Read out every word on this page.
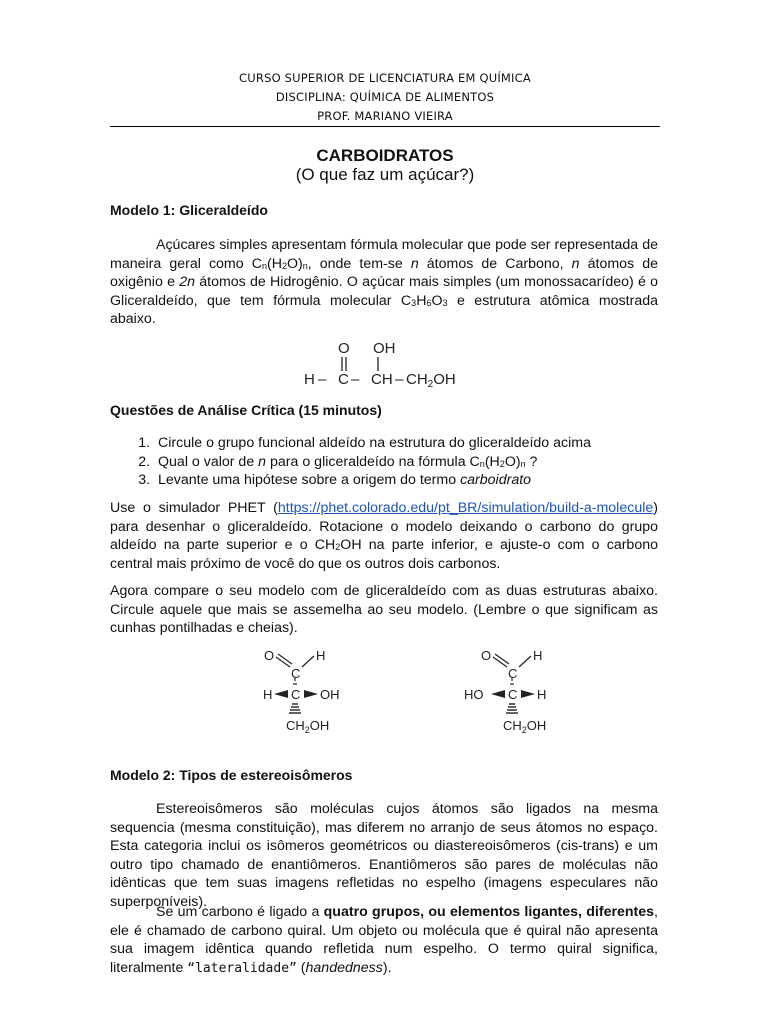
CURSO SUPERIOR DE LICENCIATURA EM QUÍMICA
DISCIPLINA: QUÍMICA DE ALIMENTOS
PROF. MARIANO VIEIRA
CARBOIDRATOS
(O que faz um açúcar?)
Modelo 1: Gliceraldeído
Açúcares simples apresentam fórmula molecular que pode ser representada de maneira geral como $C_n(H_2O)_n$, onde tem-se n átomos de Carbono, n átomos de oxigênio e 2n átomos de Hidrogênio. O açúcar mais simples (um monossacarídeo) é o Gliceraldeído, que tem fórmula molecular $C_3H_6O_3$ e estrutura atômica mostrada abaixo.
O OH
H – C – CH – $CH_2OH$
Questões de Análise Crítica (15 minutos)
1. Circule o grupo funcional aldeído na estrutura do gliceraldeído acima
2. Qual o valor de n para o gliceraldeído na fórmula $C_n(H_2O)_n$ ?
3. Levante uma hipótese sobre a origem do termo carboidrato
Use o simulador PHET (https://phet.colorado.edu/pt_BR/simulation/build-a-molecule) para desenhar o gliceraldeído. Rotacione o modelo deixando o carbono do grupo aldeído na parte superior e o $CH_2OH$ na parte inferior, e ajuste-o com o carbono central mais próximo de você do que os outros dois carbonos.
Agora compare o seu modelo com de gliceraldeído com as duas estruturas abaixo. Circule aquele que mais se assemelha ao seu modelo. (Lembre o que significam as cunhas pontilhadas e cheias).
O	H
C
H C OH
$CH_2OH$
O	H
C
HO C H
$CH_2OH$
Modelo 2: Tipos de estereoisômeros
Estereoisômeros são moléculas cujos átomos são ligados na mesma sequencia (mesma constituição), mas diferem no arranjo de seus átomos no espaço. Esta categoria inclui os isômeros geométricos ou diastereoisômeros (cis-trans) e um outro tipo chamado de enantiômeros. Enantiômeros são pares de moléculas não idênticas que tem suas imagens refletidas no espelho (imagens especulares não superponíveis).
Se um carbono é ligado a quatro grupos, ou elementos ligantes, diferentes, ele é chamado de carbono quiral. Um objeto ou molécula que é quiral não apresenta sua imagem idêntica quando refletida num espelho. O termo quiral significa, literalmente “lateralidade” (handedness).
